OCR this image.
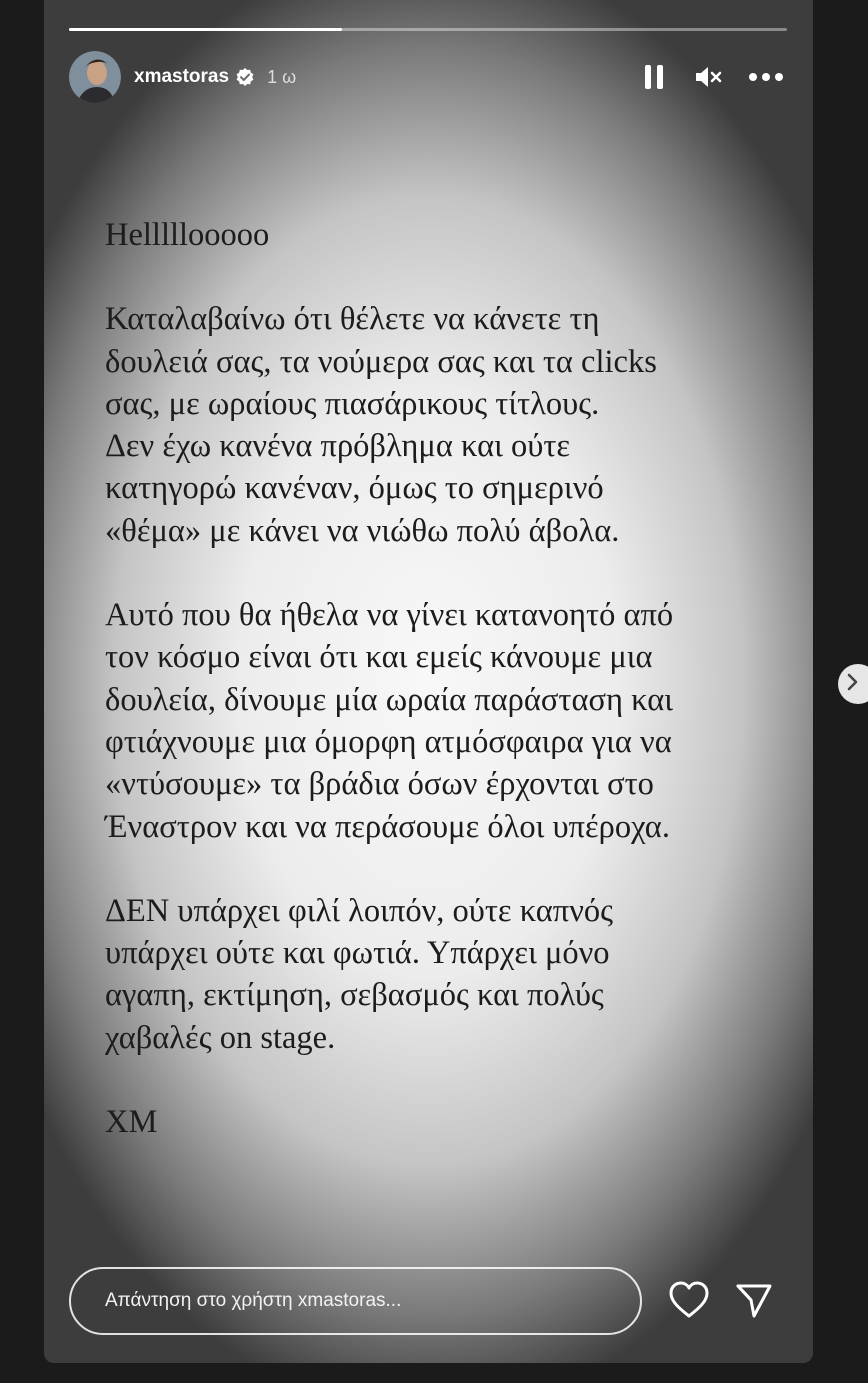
xmastoras 1 ω

Helllllooooo

Καταλαβαίνω ότι θέλετε να κάνετε τη
δουλειά σας, τα νούμερα σας και τα clicks
σας, με ωραίους πιασάρικους τίτλους.
Δεν έχω κανένα πρόβλημα και ούτε
κατηγορώ κανέναν, όμως το σημερινό
«θέμα» με κάνει να νιώθω πολύ άβολα.

Αυτό που θα ήθελα να γίνει κατανοητό από
τον κόσμο είναι ότι και εμείς κάνουμε μια
δουλεία, δίνουμε μία ωραία παράσταση και
φτιάχνουμε μια όμορφη ατμόσφαιρα για να
«ντύσουμε» τα βράδια όσων έρχονται στο
Έναστρον και να περάσουμε όλοι υπέροχα.

ΔΕΝ υπάρχει φιλί λοιπόν, ούτε καπνός
υπάρχει ούτε και φωτιά. Υπάρχει μόνο
αγαπη, εκτίμηση, σεβασμός και πολύς
χαβαλές on stage.

XM

Απάντηση στο χρήστη xmastoras...
